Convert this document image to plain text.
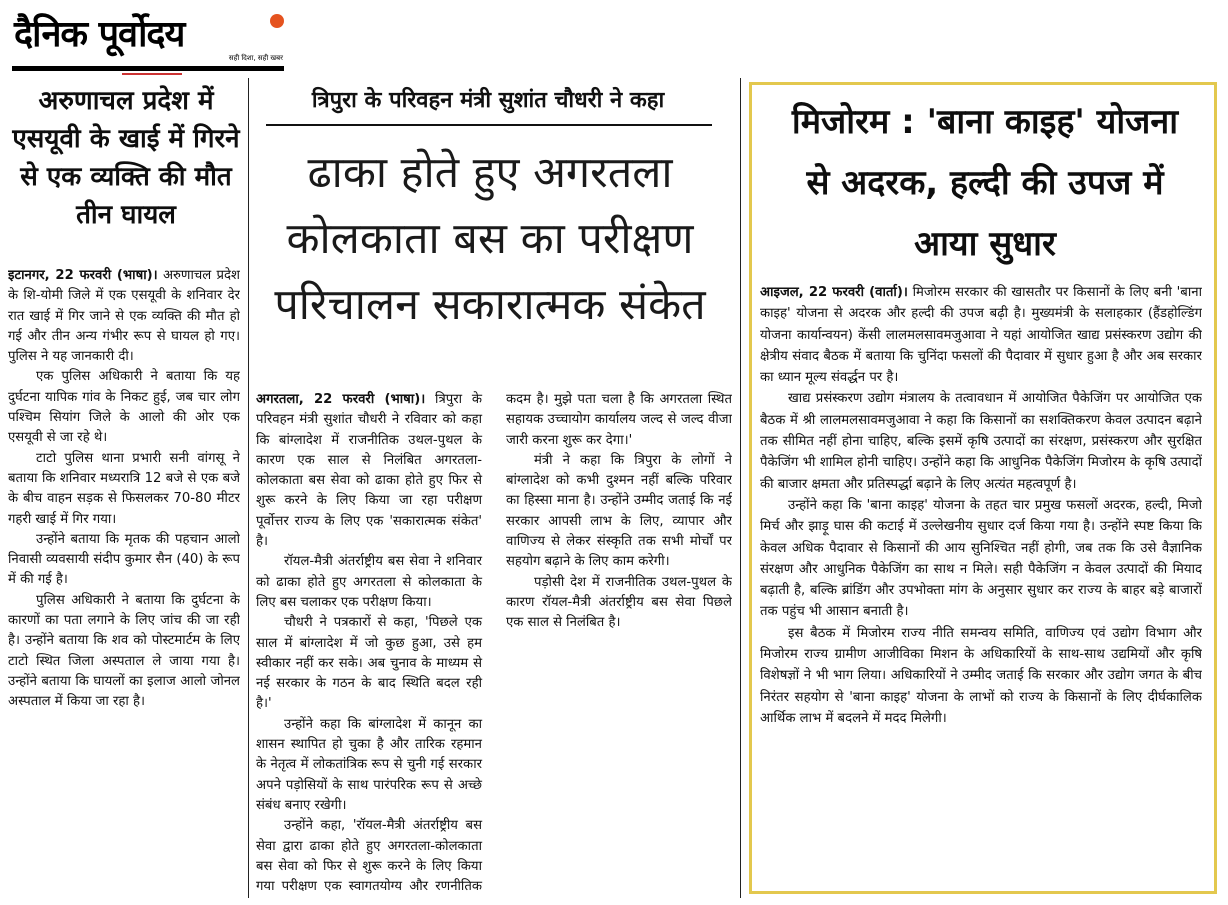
दैनिक पूर्वोदय
सही दिशा, सही खबर
अरुणाचल प्रदेश में एसयूवी के खाई में गिरने से एक व्यक्ति की मौत तीन घायल

इटानगर, 22 फरवरी (भाषा)। अरुणाचल प्रदेश के शि-योमी जिले में एक एसयूवी के शनिवार देर रात खाई में गिर जाने से एक व्यक्ति की मौत हो गई और तीन अन्य गंभीर रूप से घायल हो गए। पुलिस ने यह जानकारी दी।

एक पुलिस अधिकारी ने बताया कि यह दुर्घटना यापिक गांव के निकट हुई, जब चार लोग पश्चिम सियांग जिले के आलो की ओर एक एसयूवी से जा रहे थे।

टाटो पुलिस थाना प्रभारी सनी वांगसू ने बताया कि शनिवार मध्यरात्रि 12 बजे से एक बजे के बीच वाहन सड़क से फिसलकर 70-80 मीटर गहरी खाई में गिर गया।

उन्होंने बताया कि मृतक की पहचान आलो निवासी व्यवसायी संदीप कुमार सैन (40) के रूप में की गई है।

पुलिस अधिकारी ने बताया कि दुर्घटना के कारणों का पता लगाने के लिए जांच की जा रही है। उन्होंने बताया कि शव को पोस्टमार्टम के लिए टाटो स्थित जिला अस्पताल ले जाया गया है। उन्होंने बताया कि घायलों का इलाज आलो जोनल अस्पताल में किया जा रहा है।

त्रिपुरा के परिवहन मंत्री सुशांत चौधरी ने कहा
ढाका होते हुए अगरतला कोलकाता बस का परीक्षण परिचालन सकारात्मक संकेत

अगरतला, 22 फरवरी (भाषा)। त्रिपुरा के परिवहन मंत्री सुशांत चौधरी ने रविवार को कहा कि बांग्लादेश में राजनीतिक उथल-पुथल के कारण एक साल से निलंबित अगरतला-कोलकाता बस सेवा को ढाका होते हुए फिर से शुरू करने के लिए किया जा रहा परीक्षण पूर्वोत्तर राज्य के लिए एक 'सकारात्मक संकेत' है।

रॉयल-मैत्री अंतर्राष्ट्रीय बस सेवा ने शनिवार को ढाका होते हुए अगरतला से कोलकाता के लिए बस चलाकर एक परीक्षण किया।

चौधरी ने पत्रकारों से कहा, 'पिछले एक साल में बांग्लादेश में जो कुछ हुआ, उसे हम स्वीकार नहीं कर सके। अब चुनाव के माध्यम से नई सरकार के गठन के बाद स्थिति बदल रही है।'

उन्होंने कहा कि बांग्लादेश में कानून का शासन स्थापित हो चुका है और तारिक रहमान के नेतृत्व में लोकतांत्रिक रूप से चुनी गई सरकार अपने पड़ोसियों के साथ पारंपरिक रूप से अच्छे संबंध बनाए रखेगी।

उन्होंने कहा, 'रॉयल-मैत्री अंतर्राष्ट्रीय बस सेवा द्वारा ढाका होते हुए अगरतला-कोलकाता बस सेवा को फिर से शुरू करने के लिए किया गया परीक्षण एक स्वागतयोग्य और रणनीतिक कदम है। मुझे पता चला है कि अगरतला स्थित सहायक उच्चायोग कार्यालय जल्द से जल्द वीजा जारी करना शुरू कर देगा।'

मंत्री ने कहा कि त्रिपुरा के लोगों ने बांग्लादेश को कभी दुश्मन नहीं बल्कि परिवार का हिस्सा माना है। उन्होंने उम्मीद जताई कि नई सरकार आपसी लाभ के लिए, व्यापार और वाणिज्य से लेकर संस्कृति तक सभी मोर्चों पर सहयोग बढ़ाने के लिए काम करेगी।

पड़ोसी देश में राजनीतिक उथल-पुथल के कारण रॉयल-मैत्री अंतर्राष्ट्रीय बस सेवा पिछले एक साल से निलंबित है।

मिजोरम : 'बाना काइह' योजना से अदरक, हल्दी की उपज में आया सुधार

आइजल, 22 फरवरी (वार्ता)। मिजोरम सरकार की खासतौर पर किसानों के लिए बनी 'बाना काइह' योजना से अदरक और हल्दी की उपज बढ़ी है। मुख्यमंत्री के सलाहकार (हैंडहोल्डिंग योजना कार्यान्वयन) केंसी लालमलसावमजुआवा ने यहां आयोजित खाद्य प्रसंस्करण उद्योग की क्षेत्रीय संवाद बैठक में बताया कि चुनिंदा फसलों की पैदावार में सुधार हुआ है और अब सरकार का ध्यान मूल्य संवर्द्धन पर है।

खाद्य प्रसंस्करण उद्योग मंत्रालय के तत्वावधान में आयोजित पैकेजिंग पर आयोजित एक बैठक में श्री लालमलसावमजुआवा ने कहा कि किसानों का सशक्तिकरण केवल उत्पादन बढ़ाने तक सीमित नहीं होना चाहिए, बल्कि इसमें कृषि उत्पादों का संरक्षण, प्रसंस्करण और सुरक्षित पैकेजिंग भी शामिल होनी चाहिए। उन्होंने कहा कि आधुनिक पैकेजिंग मिजोरम के कृषि उत्पादों की बाजार क्षमता और प्रतिस्पर्द्धा बढ़ाने के लिए अत्यंत महत्वपूर्ण है।

उन्होंने कहा कि 'बाना काइह' योजना के तहत चार प्रमुख फसलों अदरक, हल्दी, मिजो मिर्च और झाड़ू घास की कटाई में उल्लेखनीय सुधार दर्ज किया गया है। उन्होंने स्पष्ट किया कि केवल अधिक पैदावार से किसानों की आय सुनिश्चित नहीं होगी, जब तक कि उसे वैज्ञानिक संरक्षण और आधुनिक पैकेजिंग का साथ न मिले। सही पैकेजिंग न केवल उत्पादों की मियाद बढ़ाती है, बल्कि ब्रांडिंग और उपभोक्ता मांग के अनुसार सुधार कर राज्य के बाहर बड़े बाजारों तक पहुंच भी आसान बनाती है।

इस बैठक में मिजोरम राज्य नीति समन्वय समिति, वाणिज्य एवं उद्योग विभाग और मिजोरम राज्य ग्रामीण आजीविका मिशन के अधिकारियों के साथ-साथ उद्यमियों और कृषि विशेषज्ञों ने भी भाग लिया। अधिकारियों ने उम्मीद जताई कि सरकार और उद्योग जगत के बीच निरंतर सहयोग से 'बाना काइह' योजना के लाभों को राज्य के किसानों के लिए दीर्घकालिक आर्थिक लाभ में बदलने में मदद मिलेगी।
